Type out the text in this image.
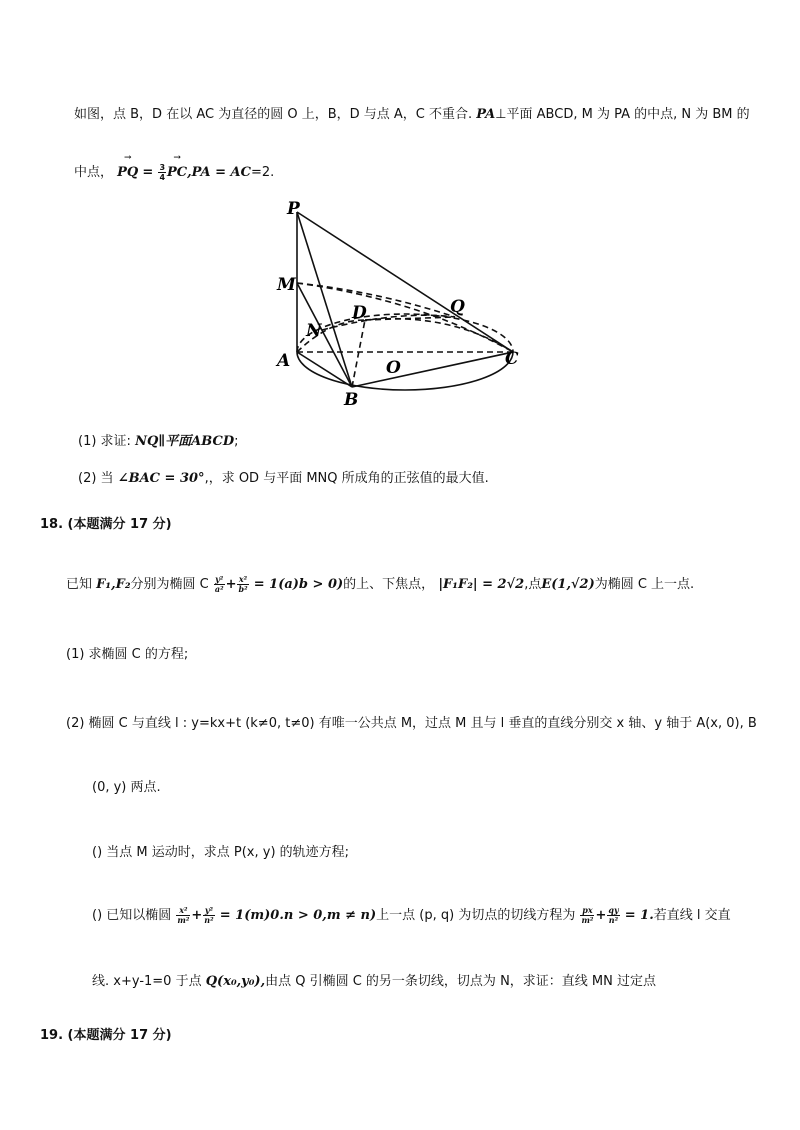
如图，点 B，D 在以 AC 为直径的圆 O 上，B，D 与点 A，C 不重合. PA⊥平面 ABCD, M 为 PA 的中点, N 为 BM 的
中点，
→
PQ = $\frac{3}{4}$
→
PC,PA = AC=2.
P
M
N
D	Q
A	O	C
B
(1) 求证: NQ∥平面ABCD;
(2) 当 ∠BAC = 30°,，求 OD 与平面 MNQ 所成角的正弦值的最大值.
18. (本题满分 17 分)
已知 F₁,F₂分别为椭圆 C $\frac{\text{y²}}{\text{a²}} + \frac{\text{x²}}{\text{b²}} = 1(a)b > 0$)的上、下焦点， |F₁F₂| = 2√2,点E(1,√2)为椭圆 C 上一点.
(1) 求椭圆 C 的方程;
(2) 椭圆 C 与直线 l : y=kx+t (k≠0, t≠0) 有唯一公共点 M，过点 M 且与 l 垂直的直线分别交 x 轴、y 轴于 A(x, 0), B
(0, y) 两点.
() 当点 M 运动时，求点 P(x, y) 的轨迹方程;
() 已知以椭圆 $\frac{\text{x²}}{\text{m²}} + \frac{\text{y²}}{\text{n²}} = 1(m)0.n > 0,m \ne n$)上一点 (p, q) 为切点的切线方程为 $\frac{px}{\text{m²}} + \frac{qy}{\text{n²}} = 1$.若直线 l 交直
线. x+y-1=0 于点 Q(x₀,y₀),由点 Q 引椭圆 C 的另一条切线，切点为 N，求证：直线 MN 过定点
19. (本题满分 17 分)
